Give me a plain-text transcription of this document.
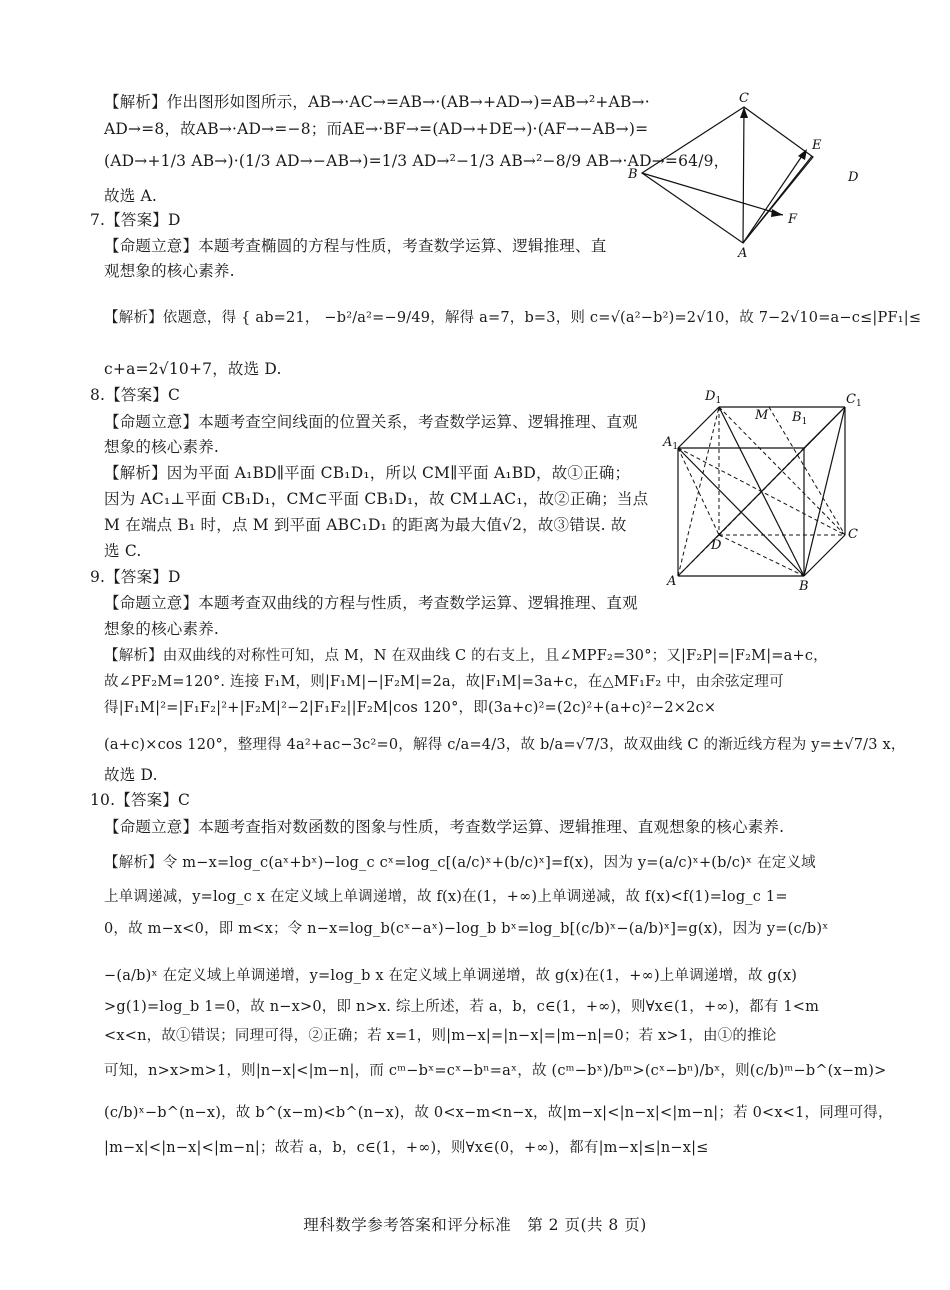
【解析】作出图形如图所示，AB→·AC→=AB→·(AB→+AD→)=AB→²+AB→·
AD→=8，故AB→·AD→=−8；而AE→·BF→=(AD→+DE→)·(AF→−AB→)=
(AD→+1/3 AB→)·(1/3 AD→−AB→)=1/3 AD→²−1/3 AB→²−8/9 AB→·AD→=64/9，
故选 A.
7.【答案】D
【命题立意】本题考查椭圆的方程与性质，考查数学运算、逻辑推理、直
观想象的核心素养.
【解析】依题意，得 { ab=21， −b²/a²=−9/49，解得 a=7，b=3，则 c=√(a²−b²)=2√10，故 7−2√10=a−c≤|PF₁|≤
c+a=2√10+7，故选 D.
8.【答案】C
【命题立意】本题考查空间线面的位置关系，考查数学运算、逻辑推理、直观
想象的核心素养.
【解析】因为平面 A₁BD∥平面 CB₁D₁，所以 CM∥平面 A₁BD，故①正确；
因为 AC₁⊥平面 CB₁D₁，CM⊂平面 CB₁D₁，故 CM⊥AC₁，故②正确；当点
M 在端点 B₁ 时，点 M 到平面 ABC₁D₁ 的距离为最大值√2，故③错误. 故
选 C.
9.【答案】D
【命题立意】本题考查双曲线的方程与性质，考查数学运算、逻辑推理、直观
想象的核心素养.
【解析】由双曲线的对称性可知，点 M，N 在双曲线 C 的右支上，且∠MPF₂=30°；又|F₂P|=|F₂M|=a+c，
故∠PF₂M=120°. 连接 F₁M，则|F₁M|−|F₂M|=2a，故|F₁M|=3a+c，在△MF₁F₂ 中，由余弦定理可
得|F₁M|²=|F₁F₂|²+|F₂M|²−2|F₁F₂||F₂M|cos 120°，即(3a+c)²=(2c)²+(a+c)²−2×2c×
(a+c)×cos 120°，整理得 4a²+ac−3c²=0，解得 c/a=4/3，故 b/a=√7/3，故双曲线 C 的渐近线方程为 y=±√7/3 x，
故选 D.
10.【答案】C
【命题立意】本题考查指对数函数的图象与性质，考查数学运算、逻辑推理、直观想象的核心素养.
【解析】令 m−x=log_c(aˣ+bˣ)−log_c cˣ=log_c[(a/c)ˣ+(b/c)ˣ]=f(x)，因为 y=(a/c)ˣ+(b/c)ˣ 在定义域
上单调递减，y=log_c x 在定义域上单调递增，故 f(x)在(1，+∞)上单调递减，故 f(x)<f(1)=log_c 1=
0，故 m−x<0，即 m<x；令 n−x=log_b(cˣ−aˣ)−log_b bˣ=log_b[(c/b)ˣ−(a/b)ˣ]=g(x)，因为 y=(c/b)ˣ
−(a/b)ˣ 在定义域上单调递增，y=log_b x 在定义域上单调递增，故 g(x)在(1，+∞)上单调递增，故 g(x)
>g(1)=log_b 1=0，故 n−x>0，即 n>x. 综上所述，若 a，b，c∈(1，+∞)，则∀x∈(1，+∞)，都有 1<m
<x<n，故①错误；同理可得，②正确；若 x=1，则|m−x|=|n−x|=|m−n|=0；若 x>1，由①的推论
可知，n>x>m>1，则|n−x|<|m−n|，而 cᵐ−bˣ=cˣ−bⁿ=aˣ，故 (cᵐ−bˣ)/bᵐ>(cˣ−bⁿ)/bˣ，则(c/b)ᵐ−b^(x−m)>
(c/b)ˣ−b^(n−x)，故 b^(x−m)<b^(n−x)，故 0<x−m<n−x，故|m−x|<|n−x|<|m−n|；若 0<x<1，同理可得，
|m−x|<|n−x|<|m−n|；故若 a，b，c∈(1，+∞)，则∀x∈(0，+∞)，都有|m−x|≤|n−x|≤
C
E
B	D
F
A
$D_1$
M $B_1$
$C_1$
$A_1$
D
C
A	B
理科数学参考答案和评分标准　第 2 页(共 8 页)
